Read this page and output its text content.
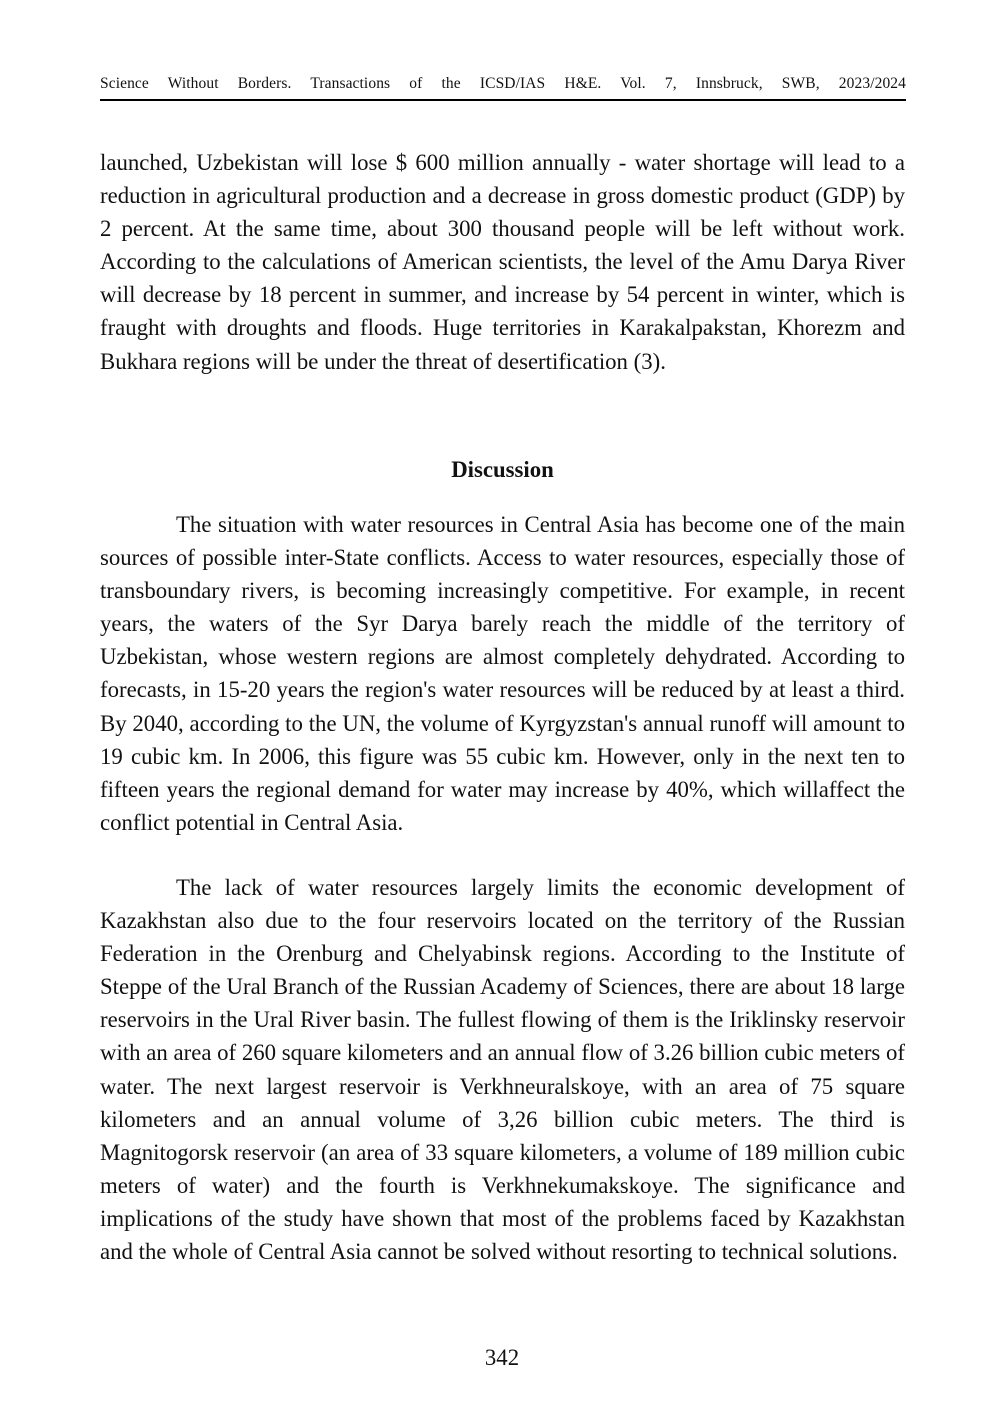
Science Without Borders. Transactions of the ICSD/IAS H&E. Vol. 7, Innsbruck, SWB, 2023/2024

launched, Uzbekistan will lose $ 600 million annually - water shortage will lead to a reduction in agricultural production and a decrease in gross domestic product (GDP) by 2 percent. At the same time, about 300 thousand people will be left without work. According to the calculations of American scientists, the level of the Amu Darya River will decrease by 18 percent in summer, and increase by 54 percent in winter, which is fraught with droughts and floods. Huge territories in Karakalpakstan, Khorezm and Bukhara regions will be under the threat of desertification (3).

Discussion

The situation with water resources in Central Asia has become one of the main sources of possible inter-State conflicts. Access to water resources, especially those of transboundary rivers, is becoming increasingly competitive. For example, in recent years, the waters of the Syr Darya barely reach the middle of the territory of Uzbekistan, whose western regions are almost completely dehydrated. According to forecasts, in 15-20 years the region's water resources will be reduced by at least a third. By 2040, according to the UN, the volume of Kyrgyzstan's annual runoff will amount to 19 cubic km. In 2006, this figure was 55 cubic km. However, only in the next ten to fifteen years the regional demand for water may increase by 40%, which willaffect the conflict potential in Central Asia.

The lack of water resources largely limits the economic development of Kazakhstan also due to the four reservoirs located on the territory of the Russian Federation in the Orenburg and Chelyabinsk regions. According to the Institute of Steppe of the Ural Branch of the Russian Academy of Sciences, there are about 18 large reservoirs in the Ural River basin. The fullest flowing of them is the Iriklinsky reservoir with an area of 260 square kilometers and an annual flow of 3.26 billion cubic meters of water. The next largest reservoir is Verkhneuralskoye, with an area of 75 square kilometers and an annual volume of 3,26 billion cubic meters. The third is Magnitogorsk reservoir (an area of 33 square kilometers, a volume of 189 million cubic meters of water) and the fourth is Verkhnekumakskoye. The significance and implications of the study have shown that most of the problems faced by Kazakhstan and the whole of Central Asia cannot be solved without resorting to technical solutions.

342
